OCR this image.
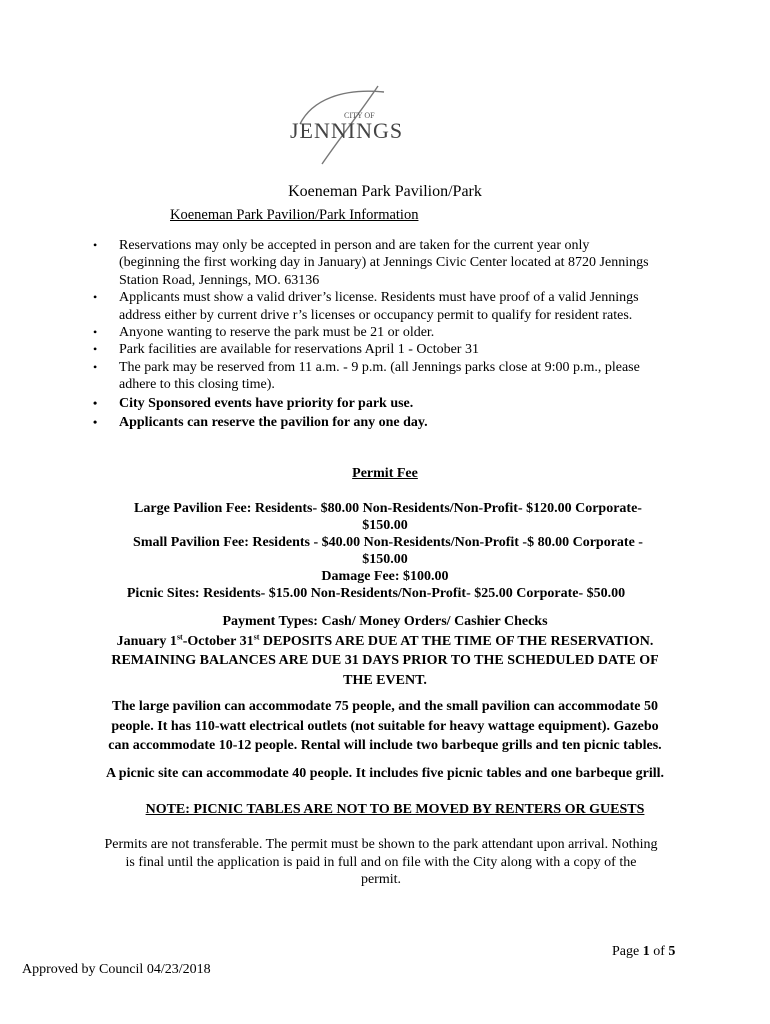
CITY OF
JENNINGS
Koeneman Park Pavilion/Park
Koeneman Park Pavilion/Park Information
• Reservations may only be accepted in person and are taken for the current year only (beginning the first working day in January) at Jennings Civic Center located at 8720 Jennings Station Road, Jennings, MO. 63136
• Applicants must show a valid driver’s license. Residents must have proof of a valid Jennings address either by current drive r’s licenses or occupancy permit to qualify for resident rates.
• Anyone wanting to reserve the park must be 21 or older.
• Park facilities are available for reservations April 1 - October 31
• The park may be reserved from 11 a.m. - 9 p.m. (all Jennings parks close at 9:00 p.m., please adhere to this closing time).
• City Sponsored events have priority for park use.
• Applicants can reserve the pavilion for any one day.
Permit Fee
Large Pavilion Fee: Residents- $80.00 Non-Residents/Non-Profit- $120.00 Corporate-
$150.00
Small Pavilion Fee: Residents - $40.00 Non-Residents/Non-Profit -$ 80.00 Corporate -
$150.00
Damage Fee: $100.00
Picnic Sites: Residents- $15.00 Non-Residents/Non-Profit- $25.00 Corporate- $50.00
Payment Types: Cash/ Money Orders/ Cashier Checks
January 1st-October 31st DEPOSITS ARE DUE AT THE TIME OF THE RESERVATION.
REMAINING BALANCES ARE DUE 31 DAYS PRIOR TO THE SCHEDULED DATE OF
THE EVENT.
The large pavilion can accommodate 75 people, and the small pavilion can accommodate 50
people. It has 110-watt electrical outlets (not suitable for heavy wattage equipment). Gazebo
can accommodate 10-12 people. Rental will include two barbeque grills and ten picnic tables.
A picnic site can accommodate 40 people. It includes five picnic tables and one barbeque grill.
NOTE: PICNIC TABLES ARE NOT TO BE MOVED BY RENTERS OR GUESTS
Permits are not transferable. The permit must be shown to the park attendant upon arrival. Nothing
is final until the application is paid in full and on file with the City along with a copy of the
permit.
Page 1 of 5
Approved by Council 04/23/2018
